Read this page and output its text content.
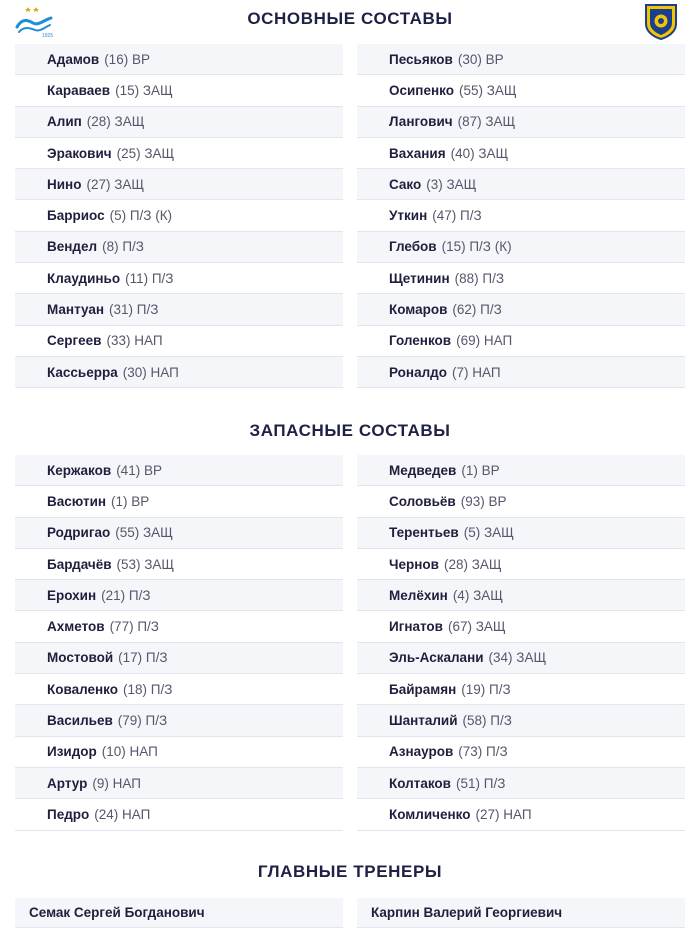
1925
ОСНОВНЫЕ СОСТАВЫ
ЗАПАСНЫЕ СОСТАВЫ
ГЛАВНЫЕ ТРЕНЕРЫ
Адамов (16) ВР
Караваев (15) ЗАЩ
Алип (28) ЗАЩ
Эракович (25) ЗАЩ
Нино (27) ЗАЩ
Барриос (5) П/З (К)
Вендел (8) П/З
Клаудиньо (11) П/З
Мантуан (31) П/З
Сергеев (33) НАП
Кассьерра (30) НАП
Песьяков (30) ВР
Осипенко (55) ЗАЩ
Лангович (87) ЗАЩ
Вахания (40) ЗАЩ
Сако (3) ЗАЩ
Уткин (47) П/З
Глебов (15) П/З (К)
Щетинин (88) П/З
Комаров (62) П/З
Голенков (69) НАП
Роналдо (7) НАП
Кержаков (41) ВР
Васютин (1) ВР
Родригао (55) ЗАЩ
Бардачёв (53) ЗАЩ
Ерохин (21) П/З
Ахметов (77) П/З
Мостовой (17) П/З
Коваленко (18) П/З
Васильев (79) П/З
Изидор (10) НАП
Артур (9) НАП
Педро (24) НАП
Медведев (1) ВР
Соловьёв (93) ВР
Терентьев (5) ЗАЩ
Чернов (28) ЗАЩ
Мелёхин (4) ЗАЩ
Игнатов (67) ЗАЩ
Эль-Аскалани (34) ЗАЩ
Байрамян (19) П/З
Шанталий (58) П/З
Азнауров (73) П/З
Колтаков (51) П/З
Комличенко (27) НАП
Семак Сергей Богданович	Карпин Валерий Георгиевич
